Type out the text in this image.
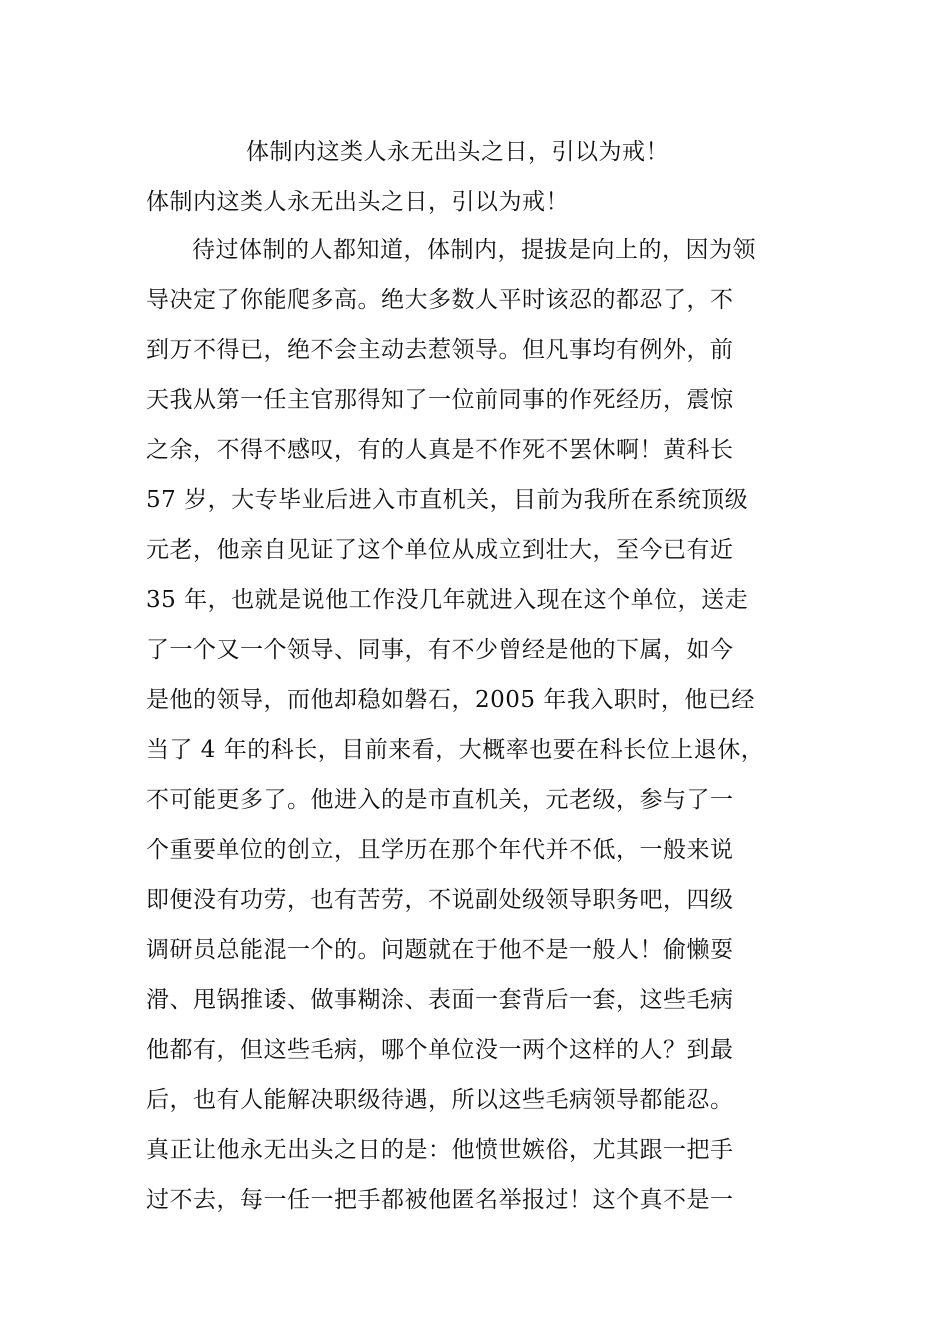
体制内这类人永无出头之日，引以为戒！
体制内这类人永无出头之日，引以为戒！
待过体制的人都知道，体制内，提拔是向上的，因为领
导决定了你能爬多高。绝大多数人平时该忍的都忍了，不
到万不得已，绝不会主动去惹领导。但凡事均有例外，前
天我从第一任主官那得知了一位前同事的作死经历，震惊
之余，不得不感叹，有的人真是不作死不罢休啊！黄科长
57 岁，大专毕业后进入市直机关，目前为我所在系统顶级
元老，他亲自见证了这个单位从成立到壮大，至今已有近
35 年，也就是说他工作没几年就进入现在这个单位，送走
了一个又一个领导、同事，有不少曾经是他的下属，如今
是他的领导，而他却稳如磐石，2005 年我入职时，他已经
当了 4 年的科长，目前来看，大概率也要在科长位上退休，
不可能更多了。他进入的是市直机关，元老级，参与了一
个重要单位的创立，且学历在那个年代并不低，一般来说
即便没有功劳，也有苦劳，不说副处级领导职务吧，四级
调研员总能混一个的。问题就在于他不是一般人！偷懒耍
滑、甩锅推诿、做事糊涂、表面一套背后一套，这些毛病
他都有，但这些毛病，哪个单位没一两个这样的人？到最
后，也有人能解决职级待遇，所以这些毛病领导都能忍。
真正让他永无出头之日的是：他愤世嫉俗，尤其跟一把手
过不去，每一任一把手都被他匿名举报过！这个真不是一
